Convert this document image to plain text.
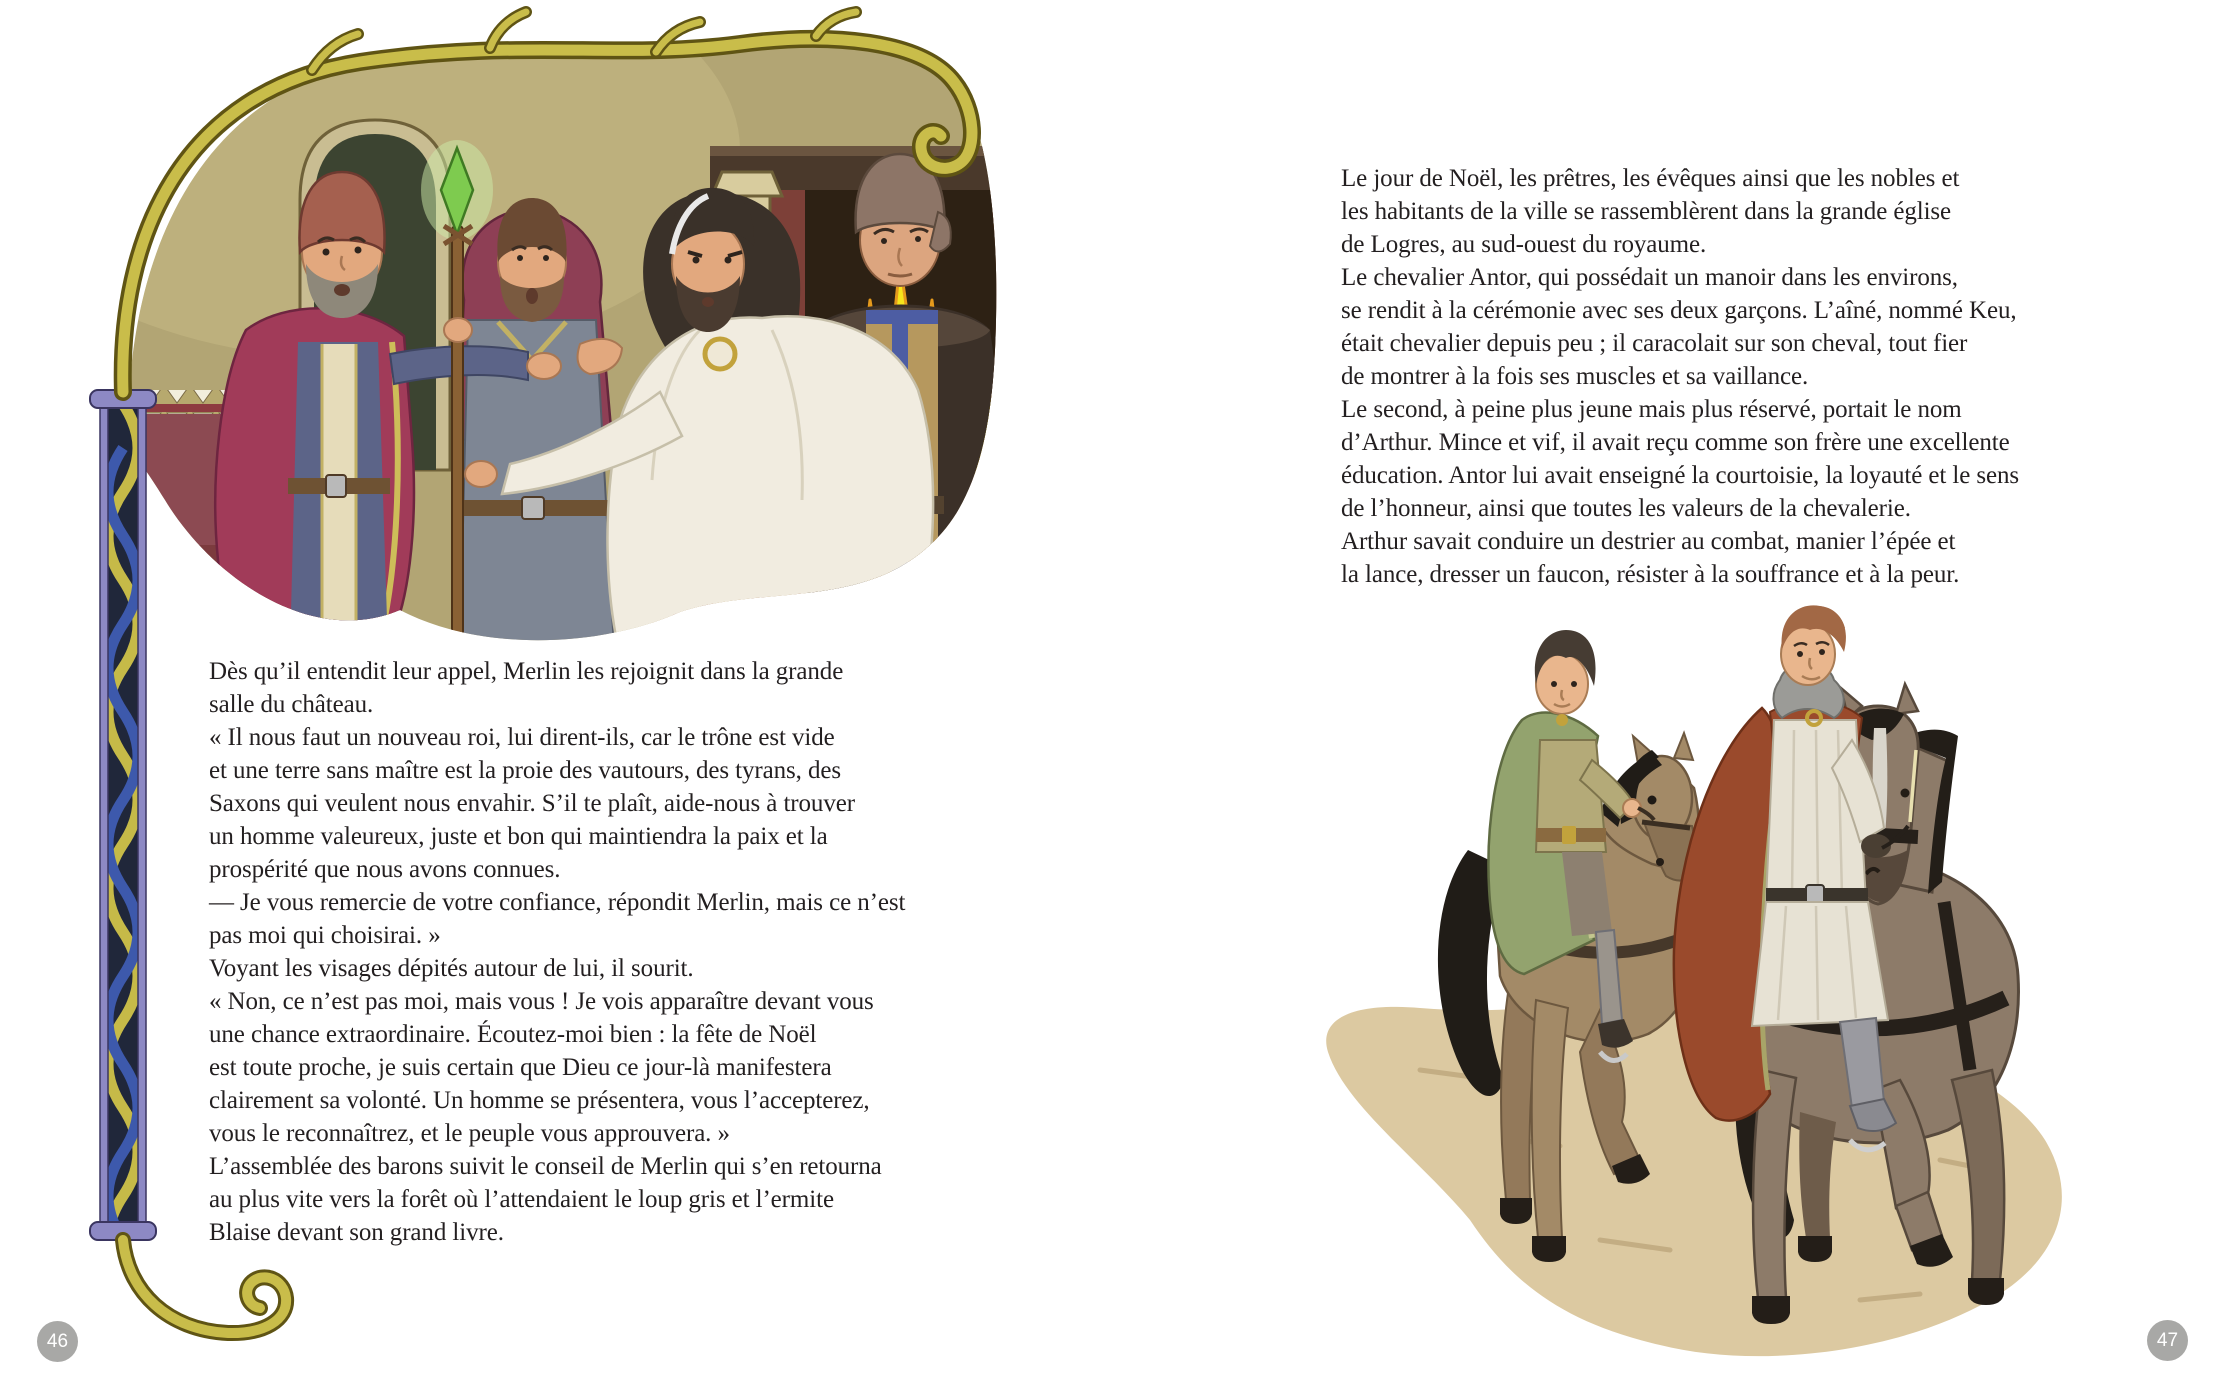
Dès qu’il entendit leur appel, Merlin les rejoignit dans la grande
salle du château.
« Il nous faut un nouveau roi, lui dirent-ils, car le trône est vide
et une terre sans maître est la proie des vautours, des tyrans, des
Saxons qui veulent nous envahir. S’il te plaît, aide-nous à trouver
un homme valeureux, juste et bon qui maintiendra la paix et la
prospérité que nous avons connues.
— Je vous remercie de votre confiance, répondit Merlin, mais ce n’est
pas moi qui choisirai. »
Voyant les visages dépités autour de lui, il sourit.
« Non, ce n’est pas moi, mais vous ! Je vois apparaître devant vous
une chance extraordinaire. Écoutez-moi bien : la fête de Noël
est toute proche, je suis certain que Dieu ce jour-là manifestera
clairement sa volonté. Un homme se présentera, vous l’accepterez,
vous le reconnaîtrez, et le peuple vous approuvera. »
L’assemblée des barons suivit le conseil de Merlin qui s’en retourna
au plus vite vers la forêt où l’attendaient le loup gris et l’ermite
Blaise devant son grand livre.
Le jour de Noël, les prêtres, les évêques ainsi que les nobles et
les habitants de la ville se rassemblèrent dans la grande église
de Logres, au sud-ouest du royaume.
Le chevalier Antor, qui possédait un manoir dans les environs,
se rendit à la cérémonie avec ses deux garçons. L’aîné, nommé Keu,
était chevalier depuis peu ; il caracolait sur son cheval, tout fier
de montrer à la fois ses muscles et sa vaillance.
Le second, à peine plus jeune mais plus réservé, portait le nom
d’Arthur. Mince et vif, il avait reçu comme son frère une excellente
éducation. Antor lui avait enseigné la courtoisie, la loyauté et le sens
de l’honneur, ainsi que toutes les valeurs de la chevalerie.
Arthur savait conduire un destrier au combat, manier l’épée et
la lance, dresser un faucon, résister à la souffrance et à la peur.
46	47
